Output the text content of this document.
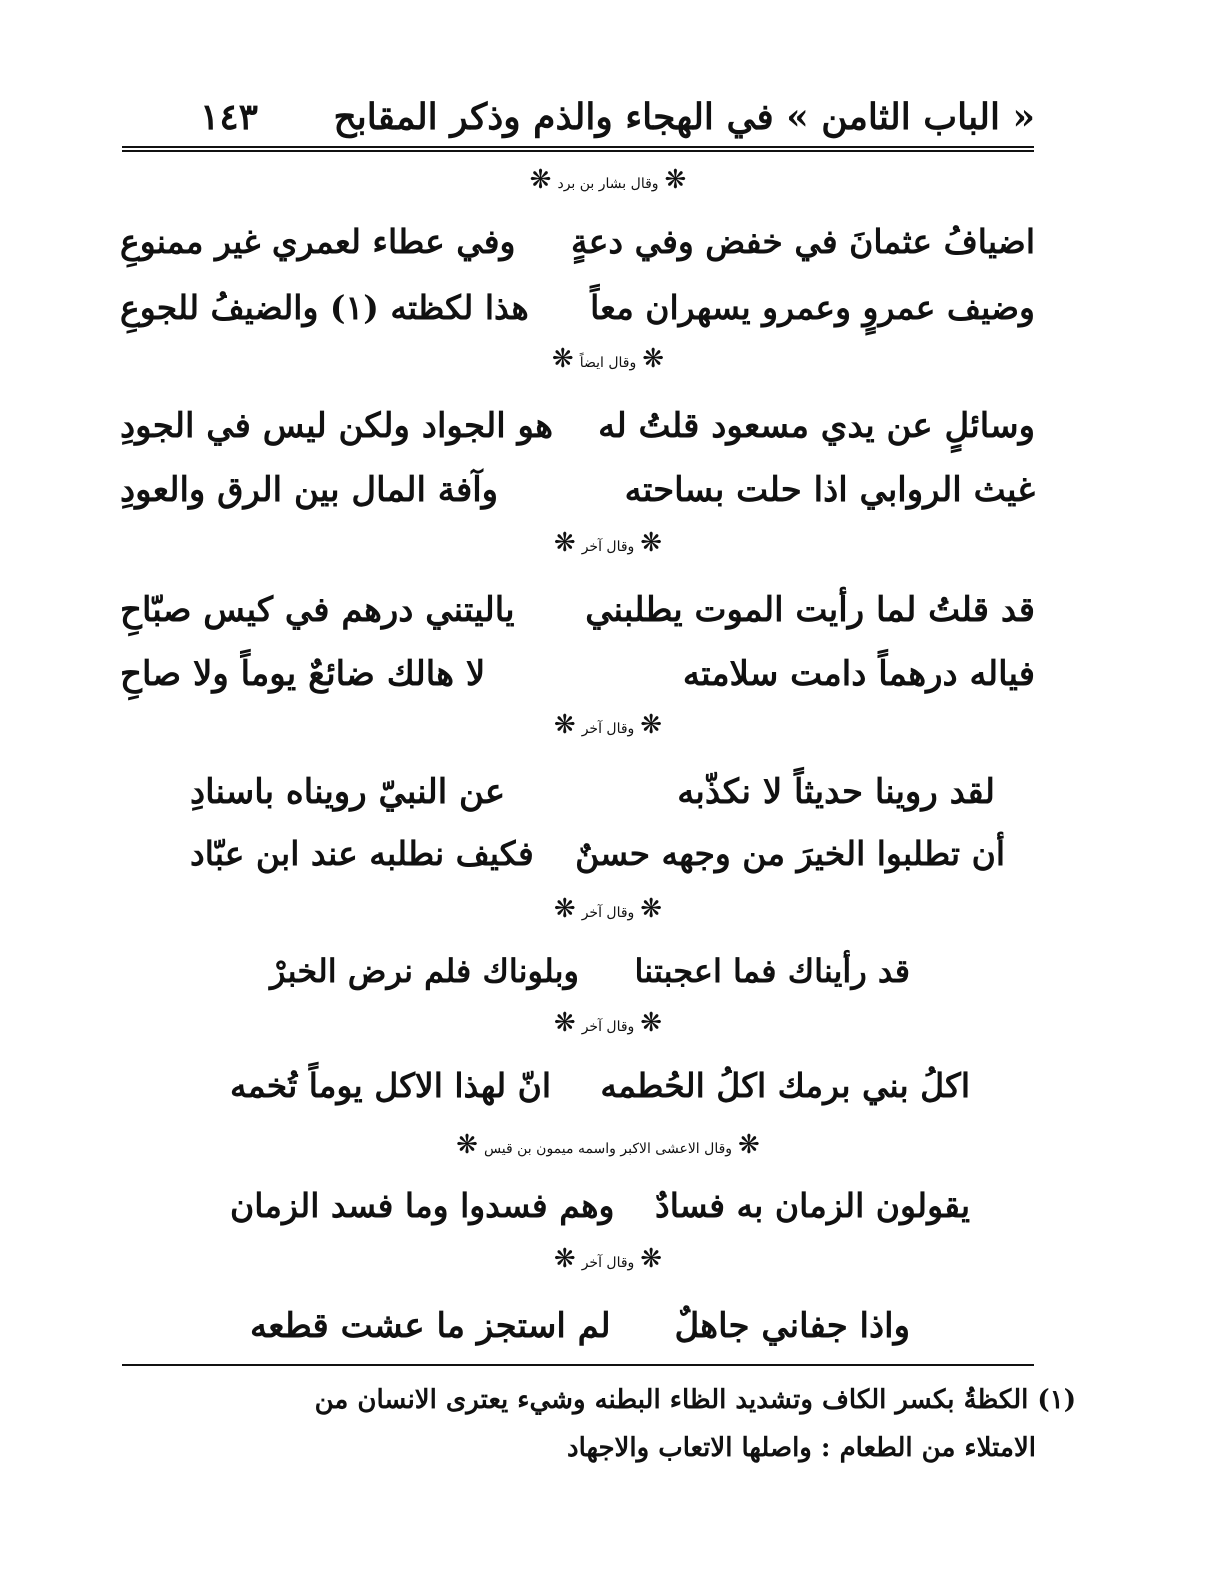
« الباب الثامن » في الهجاء والذم وذكر المقابح
١٤٣
❋وقال بشار بن برد❋
اضيافُ عثمانَ في خفض وفي دعةٍ
وفي عطاء لعمري غير ممنوعِ
وضيف عمروٍ وعمرو يسهران معاً
هذا لكظته (١) والضيفُ للجوعِ
❋وقال ايضاً❋
وسائلٍ عن يدي مسعود قلتُ له
هو الجواد ولكن ليس في الجودِ
غيث الروابي اذا حلت بساحته
وآفة المال بين الرق والعودِ
❋وقال آخر❋
قد قلتُ لما رأيت الموت يطلبني
ياليتني درهم في كيس صبّاحِ
فياله درهماً دامت سلامته
لا هالك ضائعٌ يوماً ولا صاحِ
❋وقال آخر❋
لقد روينا حديثاً لا نكذّبه
عن النبيّ رويناه باسنادِ
أن تطلبوا الخيرَ من وجهه حسنٌ
فكيف نطلبه عند ابن عبّاد
❋وقال آخر❋
قد رأيناك فما اعجبتنا
وبلوناك فلم نرض الخبرْ
❋وقال آخر❋
اكلُ بني برمك اكلُ الحُطمه
انّ لهذا الاكل يوماً تُخمه
❋وقال الاعشى الاكبر واسمه ميمون بن قيس❋
يقولون الزمان به فسادٌ
وهم فسدوا وما فسد الزمان
❋وقال آخر❋
واذا جفاني جاهلٌ
لم استجز ما عشت قطعه
(١) الكظةُ بكسر الكاف وتشديد الظاء البطنه وشيء يعترى الانسان من
الامتلاء من الطعام : واصلها الاتعاب والاجهاد
